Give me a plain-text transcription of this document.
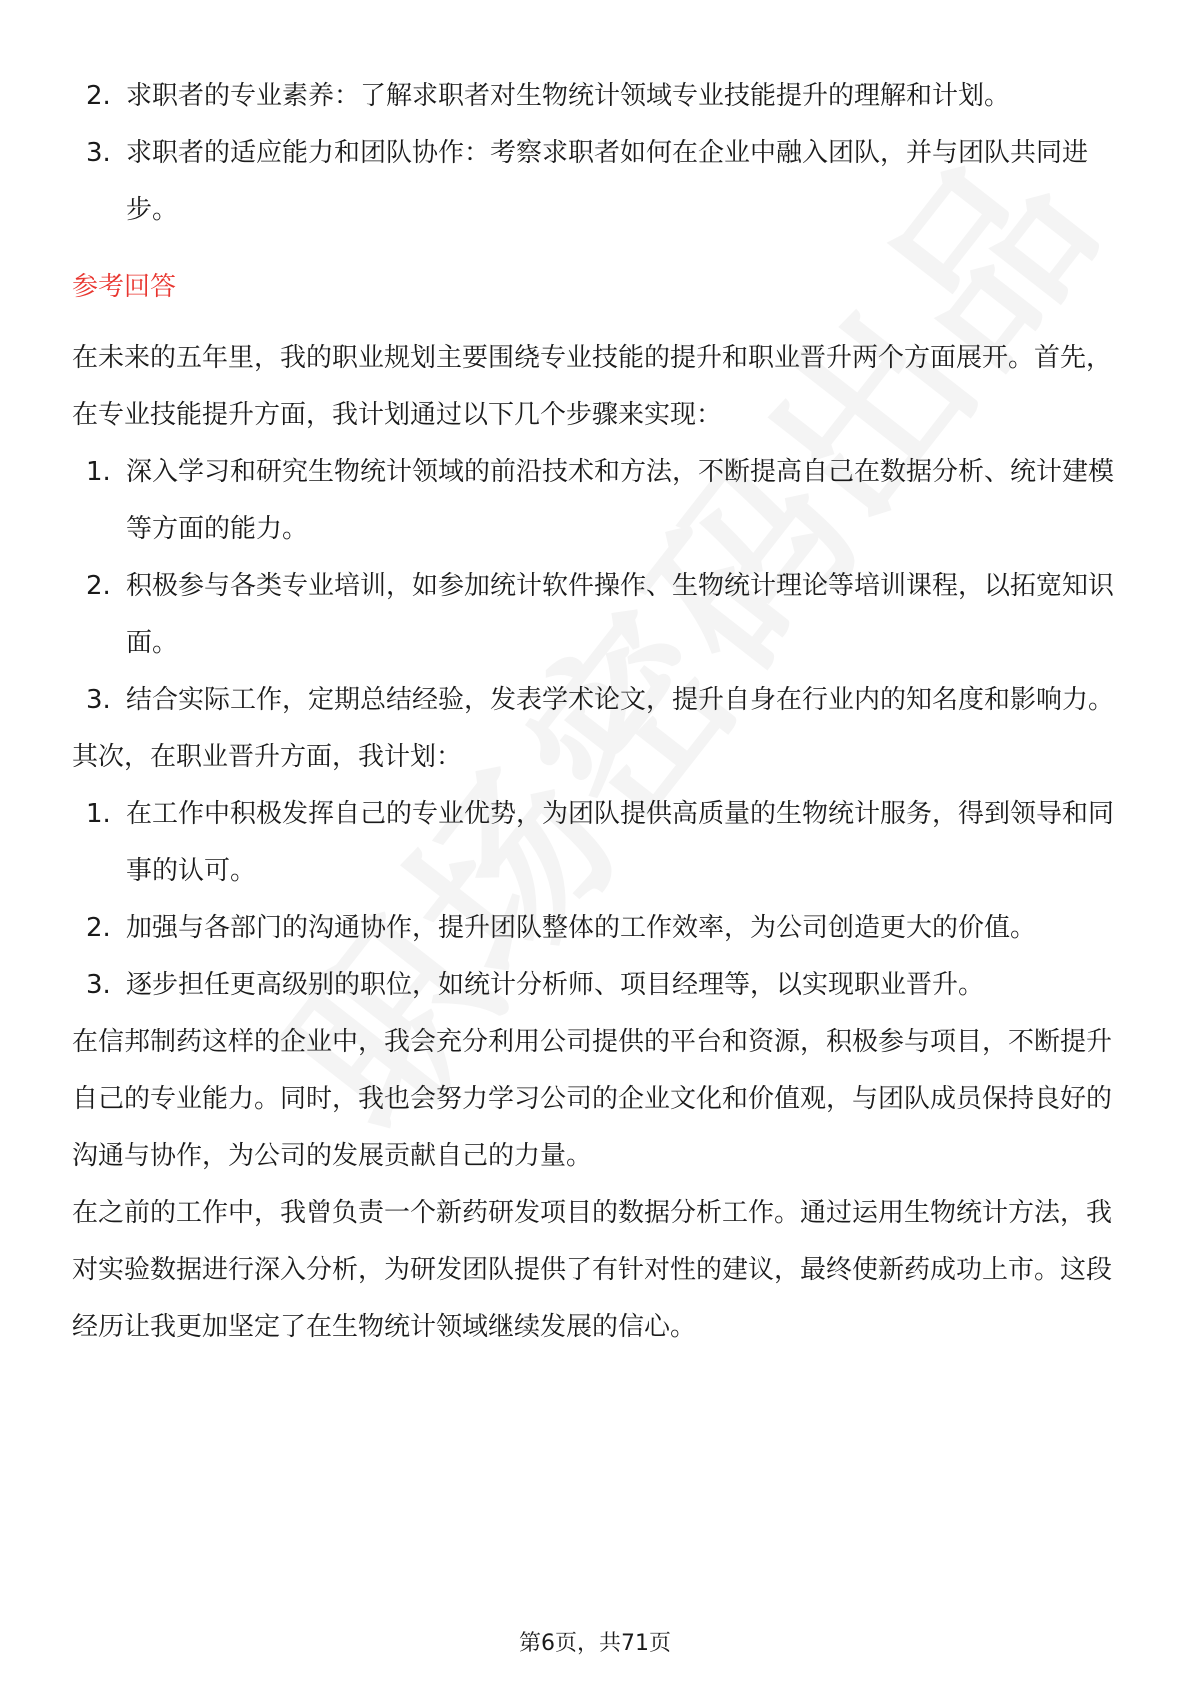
2. 求职者的专业素养：了解求职者对生物统计领域专业技能提升的理解和计划。
3. 求职者的适应能力和团队协作：考察求职者如何在企业中融入团队，并与团队共同进步。
参考回答

在未来的五年里，我的职业规划主要围绕专业技能的提升和职业晋升两个方面展开。首先，在专业技能提升方面，我计划通过以下几个步骤来实现：

1. 深入学习和研究生物统计领域的前沿技术和方法，不断提高自己在数据分析、统计建模等方面的能力。
2. 积极参与各类专业培训，如参加统计软件操作、生物统计理论等培训课程，以拓宽知识面。
3. 结合实际工作，定期总结经验，发表学术论文，提升自身在行业内的知名度和影响力。

其次，在职业晋升方面，我计划：

1. 在工作中积极发挥自己的专业优势，为团队提供高质量的生物统计服务，得到领导和同事的认可。
2. 加强与各部门的沟通协作，提升团队整体的工作效率，为公司创造更大的价值。
3. 逐步担任更高级别的职位，如统计分析师、项目经理等，以实现职业晋升。

在信邦制药这样的企业中，我会充分利用公司提供的平台和资源，积极参与项目，不断提升自己的专业能力。同时，我也会努力学习公司的企业文化和价值观，与团队成员保持良好的沟通与协作，为公司的发展贡献自己的力量。

在之前的工作中，我曾负责一个新药研发项目的数据分析工作。通过运用生物统计方法，我对实验数据进行深入分析，为研发团队提供了有针对性的建议，最终使新药成功上市。这段经历让我更加坚定了在生物统计领域继续发展的信心。

第6页，共71页
